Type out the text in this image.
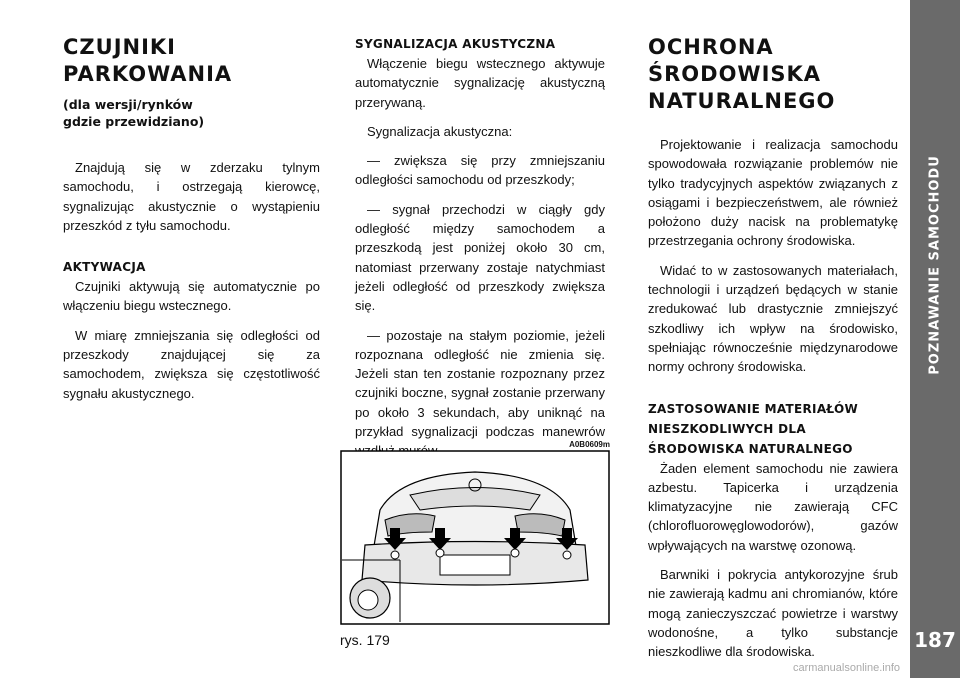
CZUJNIKI
PARKOWANIA
(dla wersji/rynków
gdzie przewidziano)

Znajdują się w zderzaku tylnym samochodu, i ostrzegają kierowcę, sygnalizując akustycznie o wystąpieniu przeszkód z tyłu samochodu.

AKTYWACJA

Czujniki aktywują się automatycznie po włączeniu biegu wstecznego.

W miarę zmniejszania się odległości od przeszkody znajdującej się za samochodem, zwiększa się częstotliwość sygnału akustycznego.

SYGNALIZACJA AKUSTYCZNA

Włączenie biegu wstecznego aktywuje automatycznie sygnalizację akustyczną przerywaną.

Sygnalizacja akustyczna:

— zwiększa się przy zmniejszaniu odległości samochodu od przeszkody;

— sygnał przechodzi w ciągły gdy odległość między samochodem a przeszkodą jest poniżej około 30 cm, natomiast przerwany zostaje natychmiast jeżeli odległość od przeszkody zwiększa się.

— pozostaje na stałym poziomie, jeżeli rozpoznana odległość nie zmienia się. Jeżeli stan ten zostanie rozpoznany przez czujniki boczne, sygnał zostanie przerwany po około 3 sekundach, aby uniknąć na przykład sygnalizacji podczas manewrów

A0B0609m
rys. 179
OCHRONA
ŚRODOWISKA
NATURALNEGO

Projektowanie i realizacja samochodu spowodowała rozwiązanie problemów nie tylko tradycyjnych aspektów związanych z osiągami i bezpieczeństwem, ale również położono duży nacisk na problematykę przestrzegania ochrony środowiska.

Widać to w zastosowanych materiałach, technologii i urządzeń będących w stanie zredukować lub drastycznie zmniejszyć szkodliwy ich wpływ na środowisko, spełniając równocześnie międzynarodowe normy ochrony środowiska.

ZASTOSOWANIE MATERIAŁÓW
NIESZKODLIWYCH DLA
ŚRODOWISKA NATURALNEGO

Żaden element samochodu nie zawiera azbestu. Tapicerka i urządzenia klimatyzacyjne nie zawierają CFC (chlorofluorowęglowodorów), gazów wpływających na warstwę ozonową.

Barwniki i pokrycia antykorozyjne śrub nie zawierają kadmu ani chromianów, które mogą zanieczyszczać powietrze i warstwy wodonośne, a tylko substancje nieszkodliwe dla środowiska.

POZNAWANIE SAMOCHODU
187
carmanualsonline.info
